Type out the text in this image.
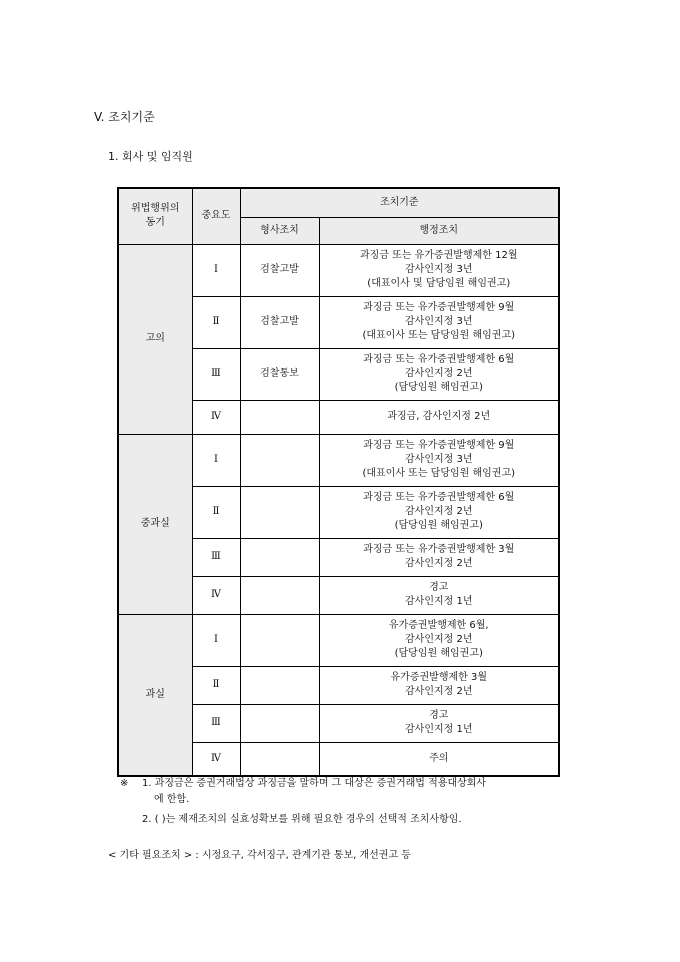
V. 조치기준
1. 회사 및 임직원
위법행위의
동기	중요도	조치기준	
		형사조치	행정조치
고의	Ⅰ	검찰고발	과징금 또는 유가증권발행제한 12월
감사인지정 3년
(대표이사 및 담당임원 해임권고)

	Ⅱ	검찰고발	과징금 또는 유가증권발행제한 9월
감사인지정 3년
(대표이사 또는 담당임원 해임권고)

	Ⅲ	검찰통보	과징금 또는 유가증권발행제한 6월
감사인지정 2년
(담당임원 해임권고)

	Ⅳ		과징금, 감사인지정 2년

중과실	Ⅰ		과징금 또는 유가증권발행제한 9월
감사인지정 3년
(대표이사 또는 담당임원 해임권고)

	Ⅱ		과징금 또는 유가증권발행제한 6월
감사인지정 2년
(담당임원 해임권고)

	Ⅲ		과징금 또는 유가증권발행제한 3월
감사인지정 2년

	Ⅳ		경고
감사인지정 1년

과실	Ⅰ		유가증권발행제한 6월,
감사인지정 2년
(담당임원 해임권고)

	Ⅱ		유가증권발행제한 3월
감사인지정 2년

	Ⅲ		경고
감사인지정 1년

	Ⅳ		주의
※	1. 과징금은 증권거래법상 과징금을 말하며 그 대상은 증권거래법 적용대상회사
에 한함.
2. ( )는 제재조치의 실효성확보를 위해 필요한 경우의 선택적 조치사항임.
< 기타 필요조치 > : 시정요구, 각서징구, 관계기관 통보, 개선권고 등
